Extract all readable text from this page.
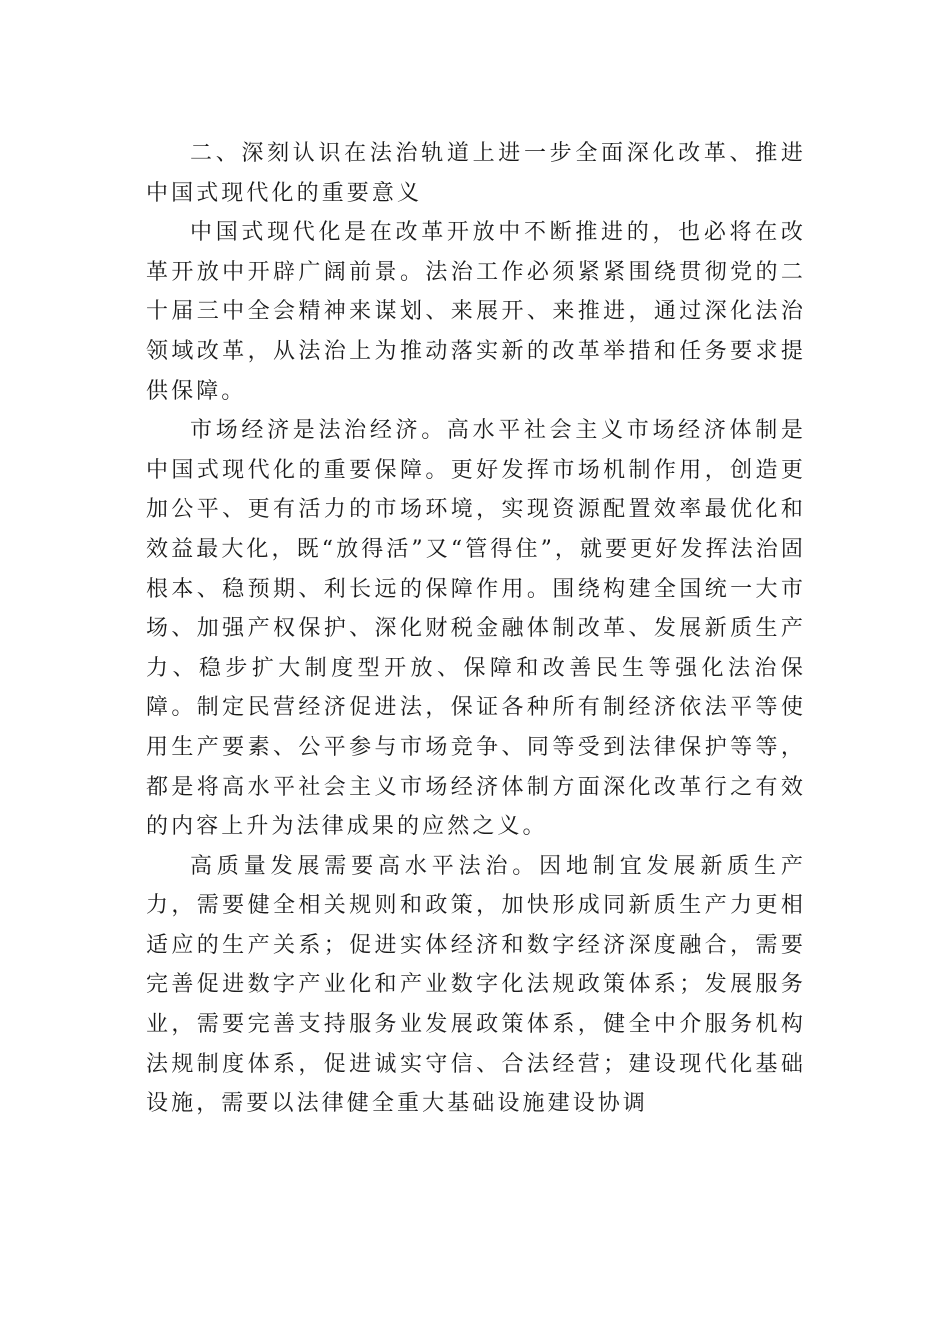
二、深刻认识在法治轨道上进一步全面深化改革、推进中国式现代化的重要意义

中国式现代化是在改革开放中不断推进的，也必将在改革开放中开辟广阔前景。法治工作必须紧紧围绕贯彻党的二十届三中全会精神来谋划、来展开、来推进，通过深化法治领域改革，从法治上为推动落实新的改革举措和任务要求提供保障。

市场经济是法治经济。高水平社会主义市场经济体制是中国式现代化的重要保障。更好发挥市场机制作用，创造更加公平、更有活力的市场环境，实现资源配置效率最优化和效益最大化，既“放得活”又“管得住”，就要更好发挥法治固根本、稳预期、利长远的保障作用。围绕构建全国统一大市场、加强产权保护、深化财税金融体制改革、发展新质生产力、稳步扩大制度型开放、保障和改善民生等强化法治保障。制定民营经济促进法，保证各种所有制经济依法平等使用生产要素、公平参与市场竞争、同等受到法律保护等等，都是将高水平社会主义市场经济体制方面深化改革行之有效的内容上升为法律成果的应然之义。

高质量发展需要高水平法治。因地制宜发展新质生产力，需要健全相关规则和政策，加快形成同新质生产力更相适应的生产关系；促进实体经济和数字经济深度融合，需要完善促进数字产业化和产业数字化法规政策体系；发展服务业，需要完善支持服务业发展政策体系，健全中介服务机构法规制度体系，促进诚实守信、合法经营；建设现代化基础设施，需要以法律健全重大基础设施建设协调
